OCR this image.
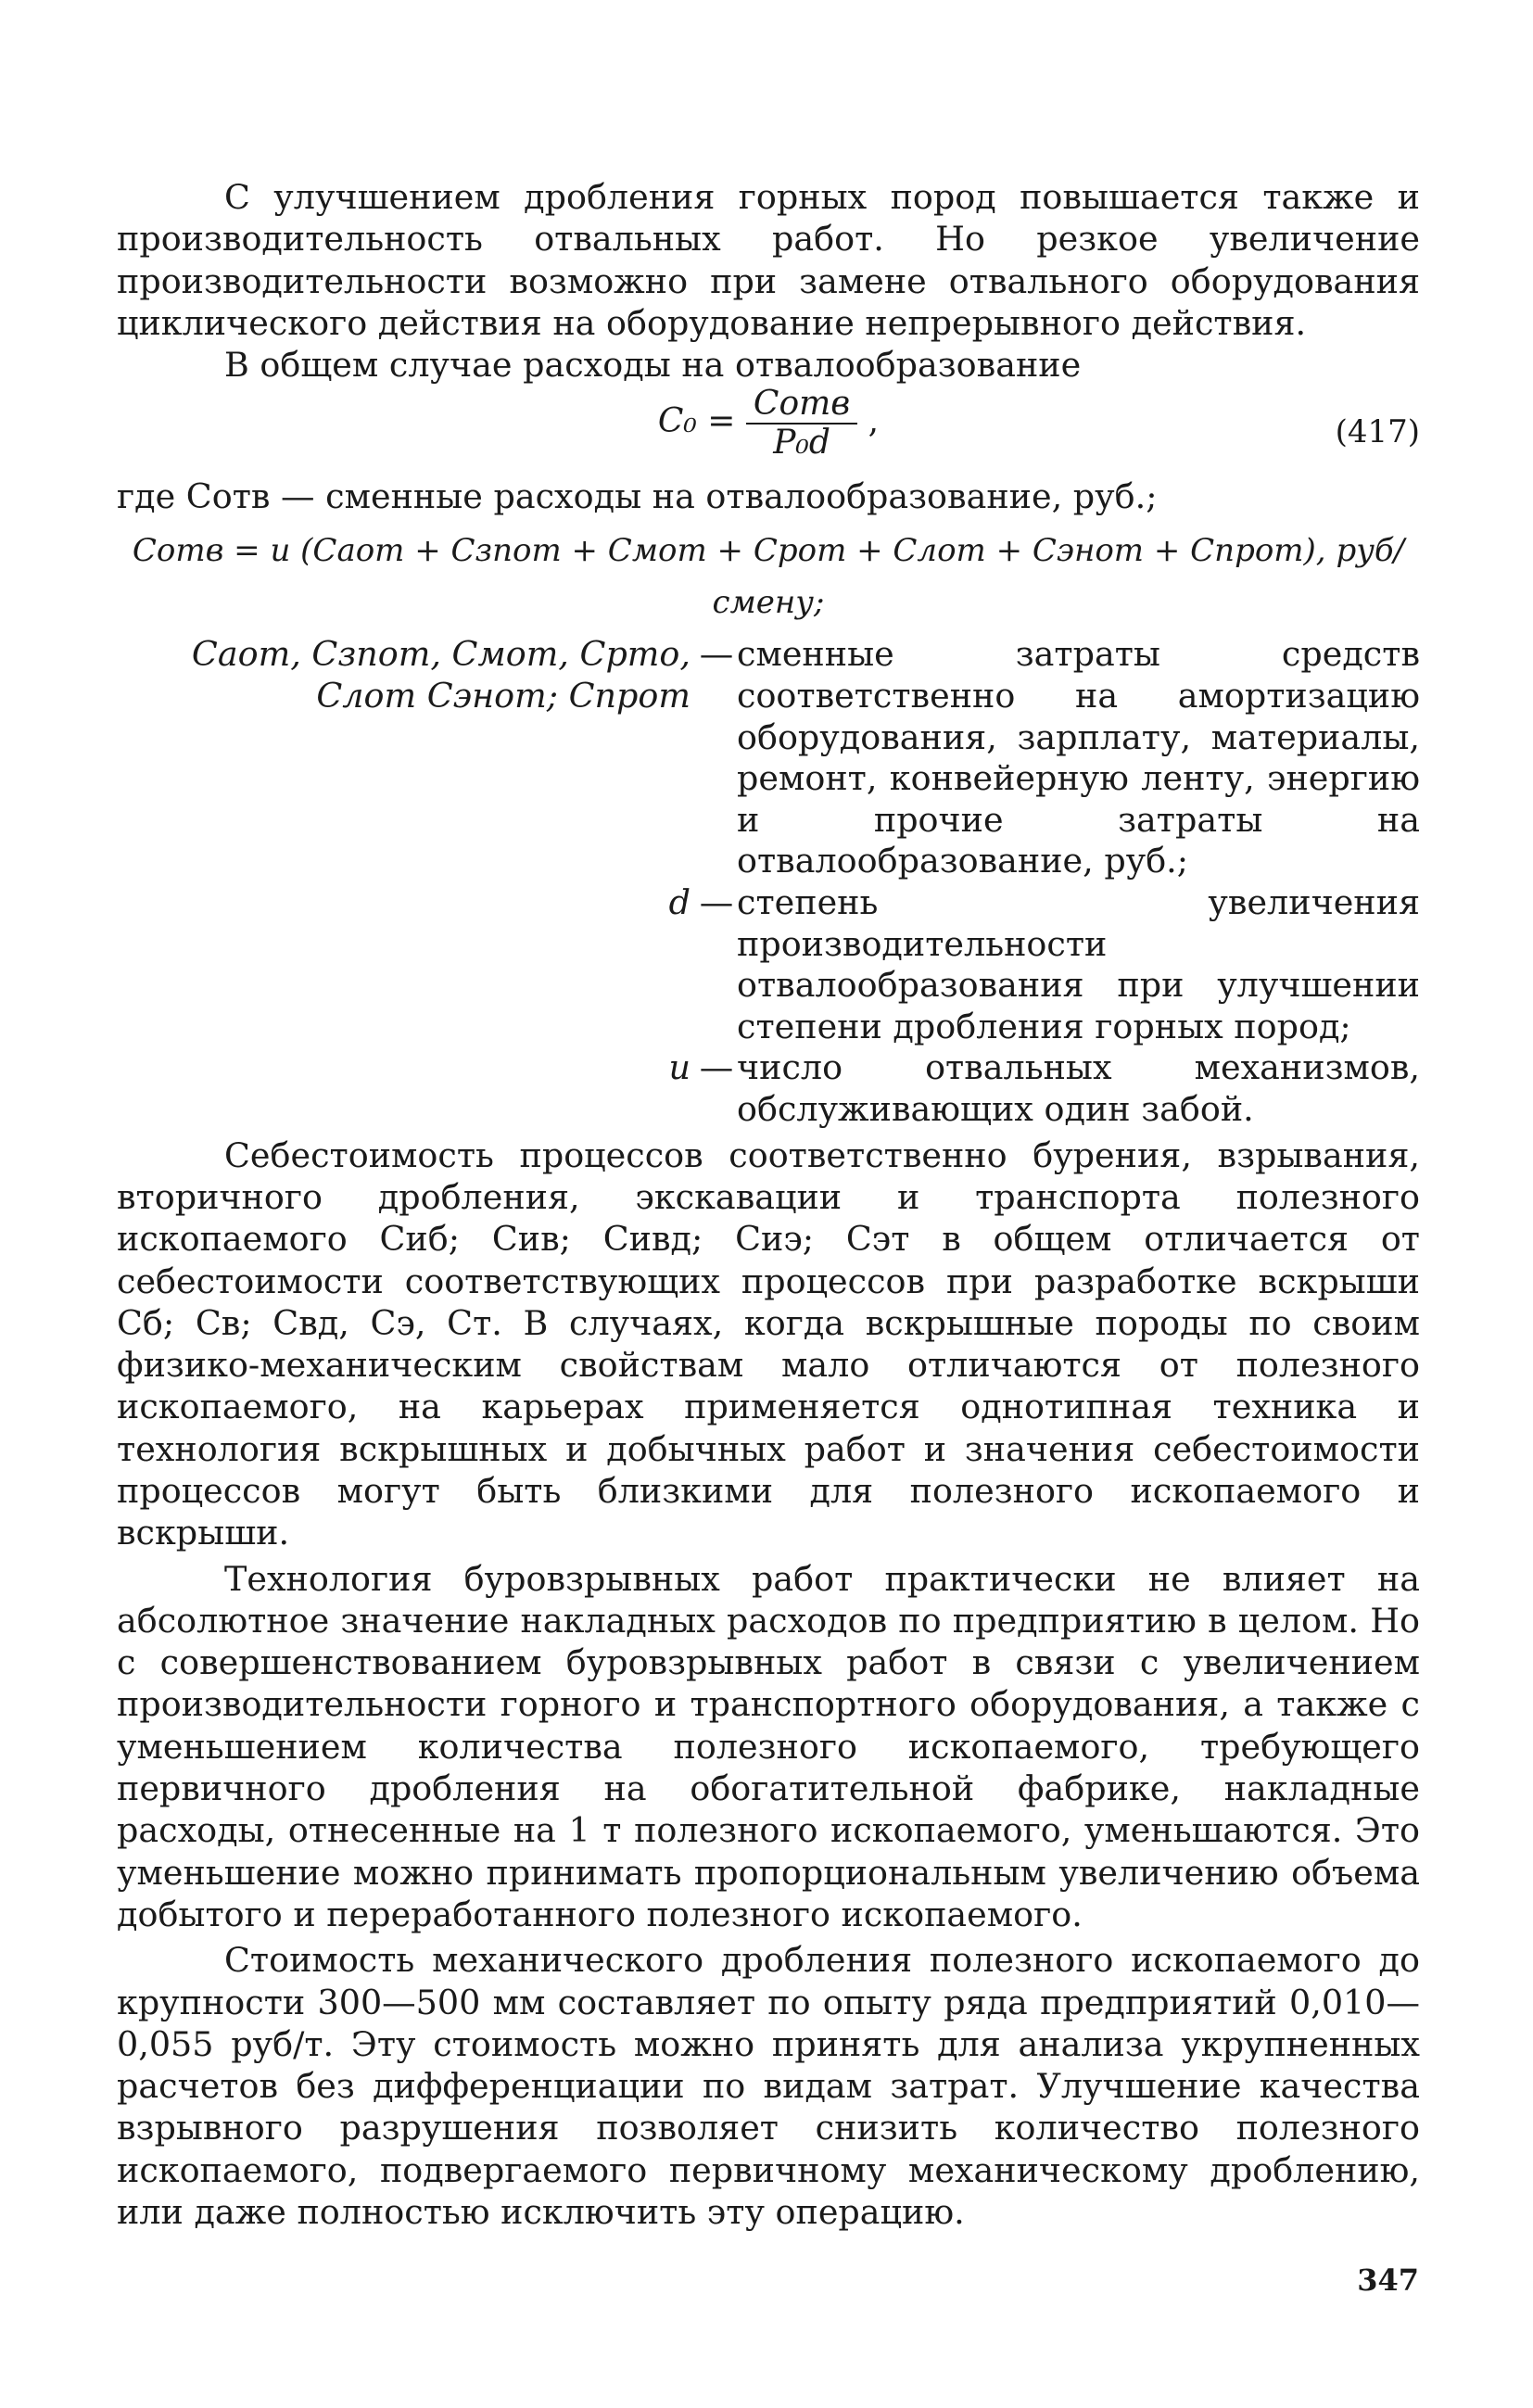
С улучшением дробления горных пород повышается также и производительность отвальных работ. Но резкое увеличение производительности возможно при замене отвального оборудования циклического действия на оборудование непрерывного действия.

В общем случае расходы на отвалообразование

$C_0 = \frac{\text{Cотв}}{\text{P₀d}}$ ,	(417)

где Cотв — сменные расходы на отвалообразование, руб.;

Cотв = u (Cаот + Cзпот + Cмот + Cрот + Cлот + Cэнот + Cпрот), руб/смену;

Cаот, Cзпот, Cмот, Cрто, Cлот Cэнот; Cпрот
— сменные затраты средств соответственно на амортизацию оборудования, зарплату, материалы, ремонт, конвейерную ленту, энергию и прочие затраты на отвалообразование, руб.;
d — степень увеличения производительности отвалообразования при улучшении степени дробления горных пород;
u — число отвальных механизмов, обслуживающих один забой.

Себестоимость процессов соответственно бурения, взрывания, вторичного дробления, экскавации и транспорта полезного ископаемого Cиб; Cив; Cивд; Cиэ; Cэт в общем отличается от себестоимости соответствующих процессов при разработке вскрыши Cб; Cв; Cвд, Cэ, Cт. В случаях, когда вскрышные породы по своим физико-механическим свойствам мало отличаются от полезного ископаемого, на карьерах применяется однотипная техника и технология вскрышных и добычных работ и значения себестоимости процессов могут быть близкими для полезного ископаемого и вскрыши.

Технология буровзрывных работ практически не влияет на абсолютное значение накладных расходов по предприятию в целом. Но с совершенствованием буровзрывных работ в связи с увеличением производительности горного и транспортного оборудования, а также с уменьшением количества полезного ископаемого, требующего первичного дробления на обогатительной фабрике, накладные расходы, отнесенные на 1 т полезного ископаемого, уменьшаются. Это уменьшение можно принимать пропорциональным увеличению объема добытого и переработанного полезного ископаемого.

Стоимость механического дробления полезного ископаемого до крупности 300—500 мм составляет по опыту ряда предприятий 0,010—0,055 руб/т. Эту стоимость можно принять для анализа укрупненных расчетов без дифференциации по видам затрат. Улучшение качества взрывного разрушения позволяет снизить количество полезного ископаемого, подвергаемого первичному механическому дроблению, или даже полностью исключить эту операцию.

347
